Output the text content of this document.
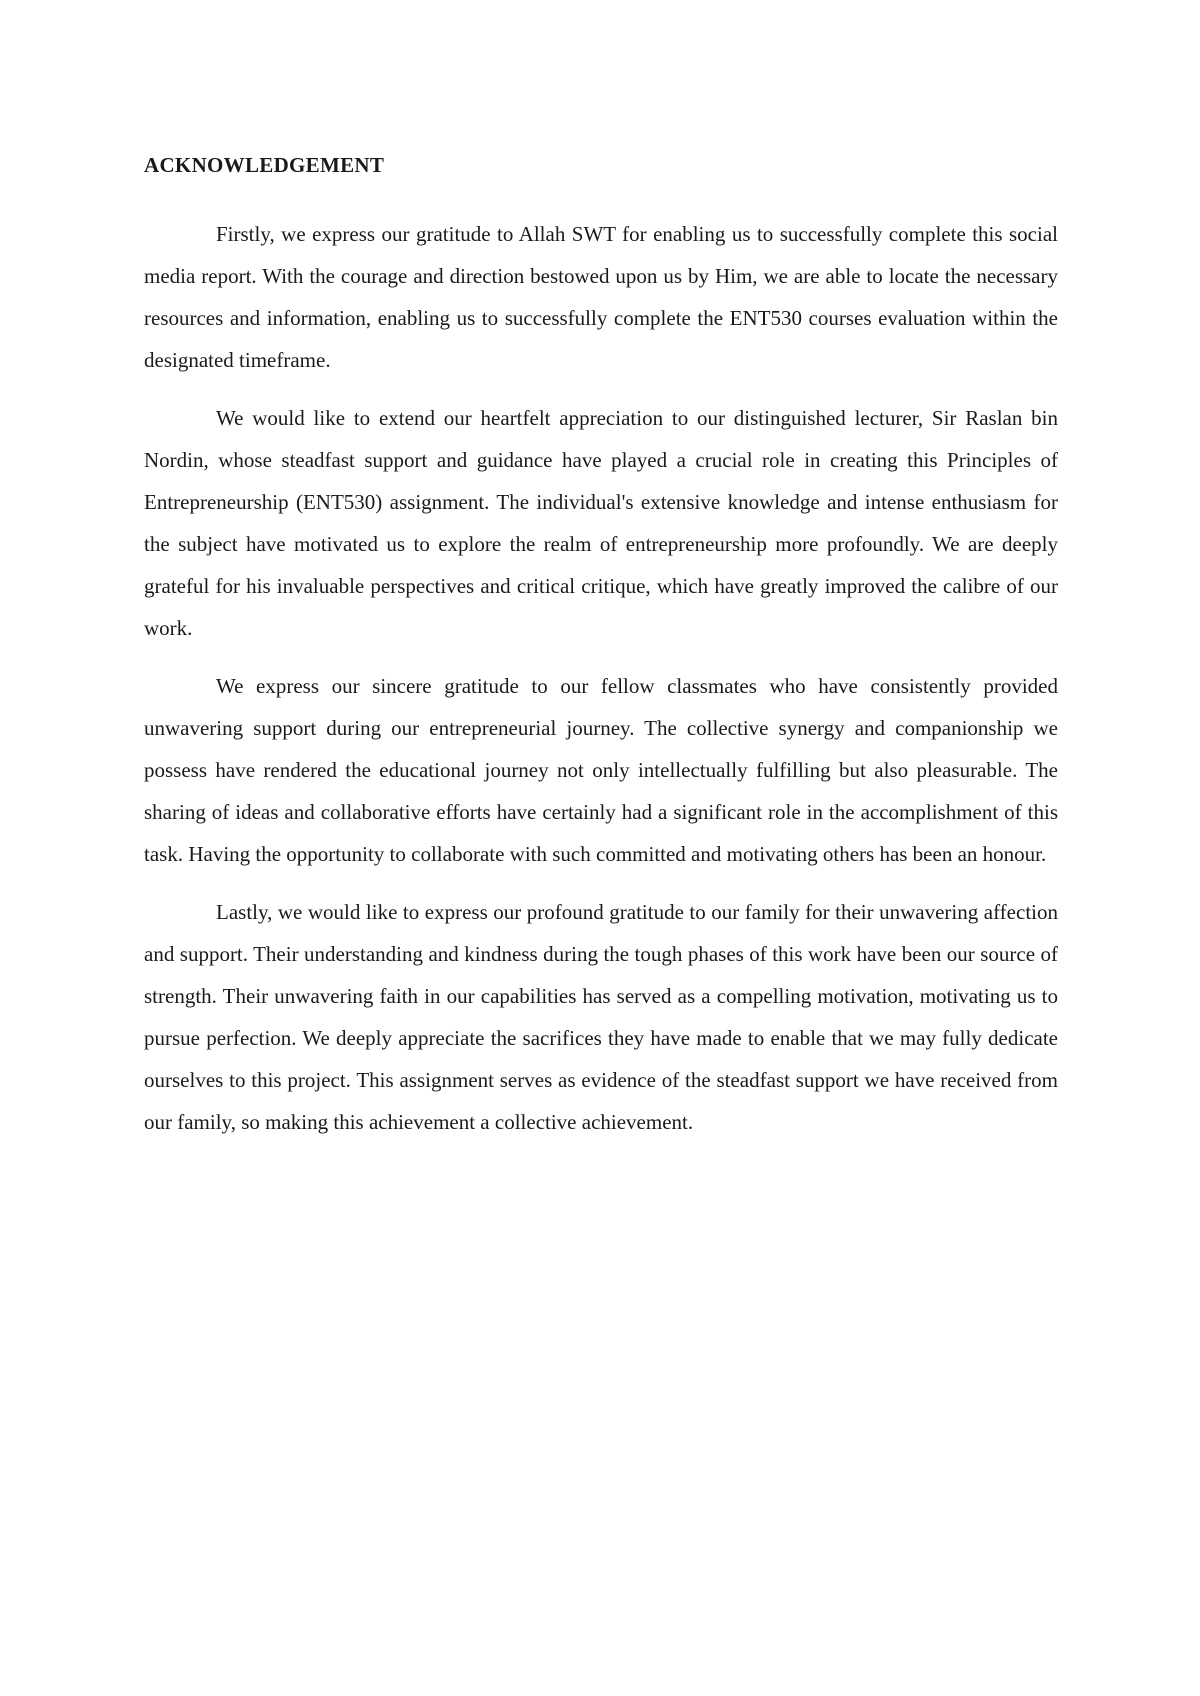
ACKNOWLEDGEMENT

Firstly, we express our gratitude to Allah SWT for enabling us to successfully complete this social media report. With the courage and direction bestowed upon us by Him, we are able to locate the necessary resources and information, enabling us to successfully complete the ENT530 courses evaluation within the designated timeframe.

We would like to extend our heartfelt appreciation to our distinguished lecturer, Sir Raslan bin Nordin, whose steadfast support and guidance have played a crucial role in creating this Principles of Entrepreneurship (ENT530) assignment. The individual's extensive knowledge and intense enthusiasm for the subject have motivated us to explore the realm of entrepreneurship more profoundly. We are deeply grateful for his invaluable perspectives and critical critique, which have greatly improved the calibre of our work.

We express our sincere gratitude to our fellow classmates who have consistently provided unwavering support during our entrepreneurial journey. The collective synergy and companionship we possess have rendered the educational journey not only intellectually fulfilling but also pleasurable. The sharing of ideas and collaborative efforts have certainly had a significant role in the accomplishment of this task. Having the opportunity to collaborate with such committed and motivating others has been an honour.

Lastly, we would like to express our profound gratitude to our family for their unwavering affection and support. Their understanding and kindness during the tough phases of this work have been our source of strength. Their unwavering faith in our capabilities has served as a compelling motivation, motivating us to pursue perfection. We deeply appreciate the sacrifices they have made to enable that we may fully dedicate ourselves to this project. This assignment serves as evidence of the steadfast support we have received from our family, so making this achievement a collective achievement.
